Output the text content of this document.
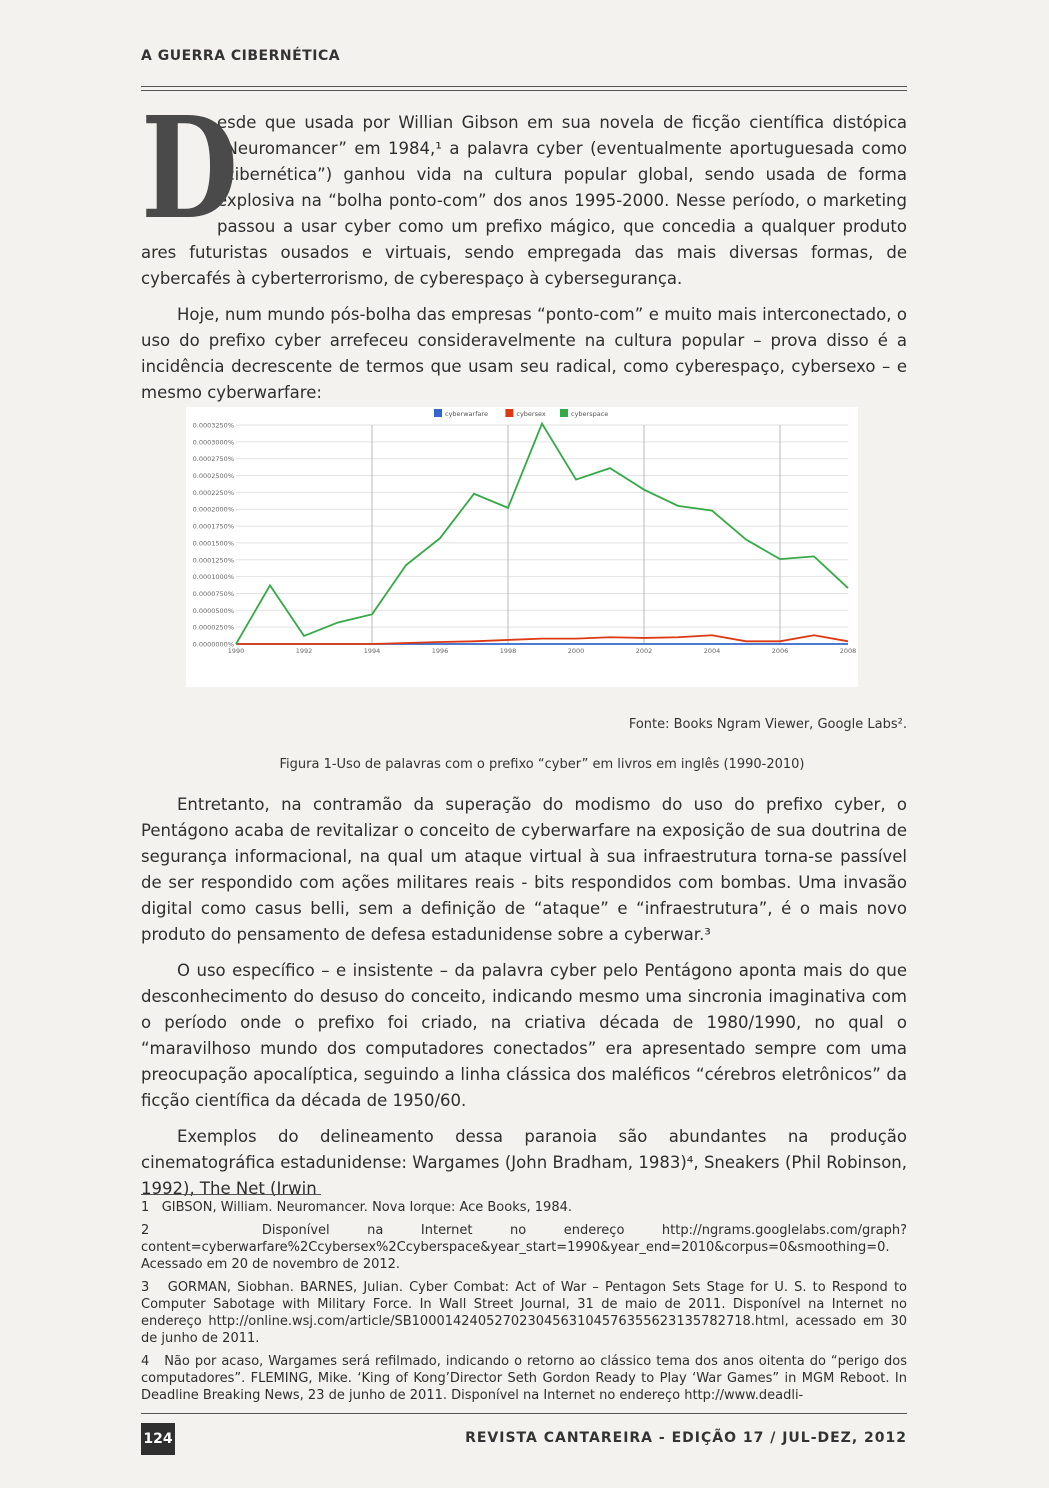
A GUERRA CIBERNÉTICA

D
esde que usada por Willian Gibson em sua novela de ficção científica distópica “Neuromancer” em 1984,¹ a palavra cyber (eventualmente aportuguesada como “cibernética”) ganhou vida na cultura popular global, sendo usada de forma explosiva na “bolha ponto-com” dos anos 1995-2000. Nesse período, o marketing passou a usar cyber como um prefixo mágico, que concedia a qualquer produto ares futuristas ousados e virtuais, sendo empregada das mais diversas formas, de cybercafés à cyberterrorismo, de cyberespaço à cybersegurança.

Hoje, num mundo pós-bolha das empresas “ponto-com” e muito mais interconectado, o uso do prefixo cyber arrefeceu consideravelmente na cultura popular – prova disso é a incidência decrescente de termos que usam seu radical, como cyberespaço, cybersexo – e mesmo cyberwarfare:

0.0000000%
0.0000250%
0.0000500%
0.0000750%
0.0001000%
0.0001250%
0.0001500%
0.0001750%
0.0002000%
0.0002250%
0.0002500%
0.0002750%
0.0003000%
0.0003250%
1990	1992	1994	1996	1998	2000	2002	2004	2006	2008
cyberwarfare	cybersex	cyberspace
Fonte: Books Ngram Viewer, Google Labs².
Figura 1-Uso de palavras com o prefixo “cyber” em livros em inglês (1990-2010)

Entretanto, na contramão da superação do modismo do uso do prefixo cyber, o Pentágono acaba de revitalizar o conceito de cyberwarfare na exposição de sua doutrina de segurança informacional, na qual um ataque virtual à sua infraestrutura torna-se passível de ser respondido com ações militares reais - bits respondidos com bombas. Uma invasão digital como casus belli, sem a definição de “ataque” e “infraestrutura”, é o mais novo produto do pensamento de defesa estadunidense sobre a cyberwar.³

O uso específico – e insistente – da palavra cyber pelo Pentágono aponta mais do que desconhecimento do desuso do conceito, indicando mesmo uma sincronia imaginativa com o período onde o prefixo foi criado, na criativa década de 1980/1990, no qual o “maravilhoso mundo dos computadores conectados” era apresentado sempre com uma preocupação apocalíptica, seguindo a linha clássica dos maléficos “cérebros eletrônicos” da ficção científica da década de 1950/60.

Exemplos do delineamento dessa paranoia são abundantes na produção cinematográfica estadunidense: Wargames (John Bradham, 1983)⁴, Sneakers (Phil Robinson, 1992), The Net (Irwin

1 GIBSON, William. Neuromancer. Nova Iorque: Ace Books, 1984.

2	Disponível na Internet no endereço http://ngrams.googlelabs.com/graph?content=cyberwarfare%2Ccybersex%2Ccyberspace&year_start=1990&year_end=2010&corpus=0&smoothing=0. Acessado em 20 de novembro de 2012.

3 GORMAN, Siobhan. BARNES, Julian. Cyber Combat: Act of War – Pentagon Sets Stage for U. S. to Respond to Computer Sabotage with Military Force. In Wall Street Journal, 31 de maio de 2011. Disponível na Internet no endereço http://online.wsj.com/article/SB10001424052702304563104576355623135782718.html, acessado em 30 de junho de 2011.

4 Não por acaso, Wargames será refilmado, indicando o retorno ao clássico tema dos anos oitenta do “perigo dos computadores”. FLEMING, Mike. ‘King of Kong’Director Seth Gordon Ready to Play ‘War Games” in MGM Reboot. In Deadline Breaking News, 23 de junho de 2011. Disponível na Internet no endereço http://www.deadli-

124	REVISTA CANTAREIRA - EDIÇÃO 17 / JUL-DEZ, 2012
